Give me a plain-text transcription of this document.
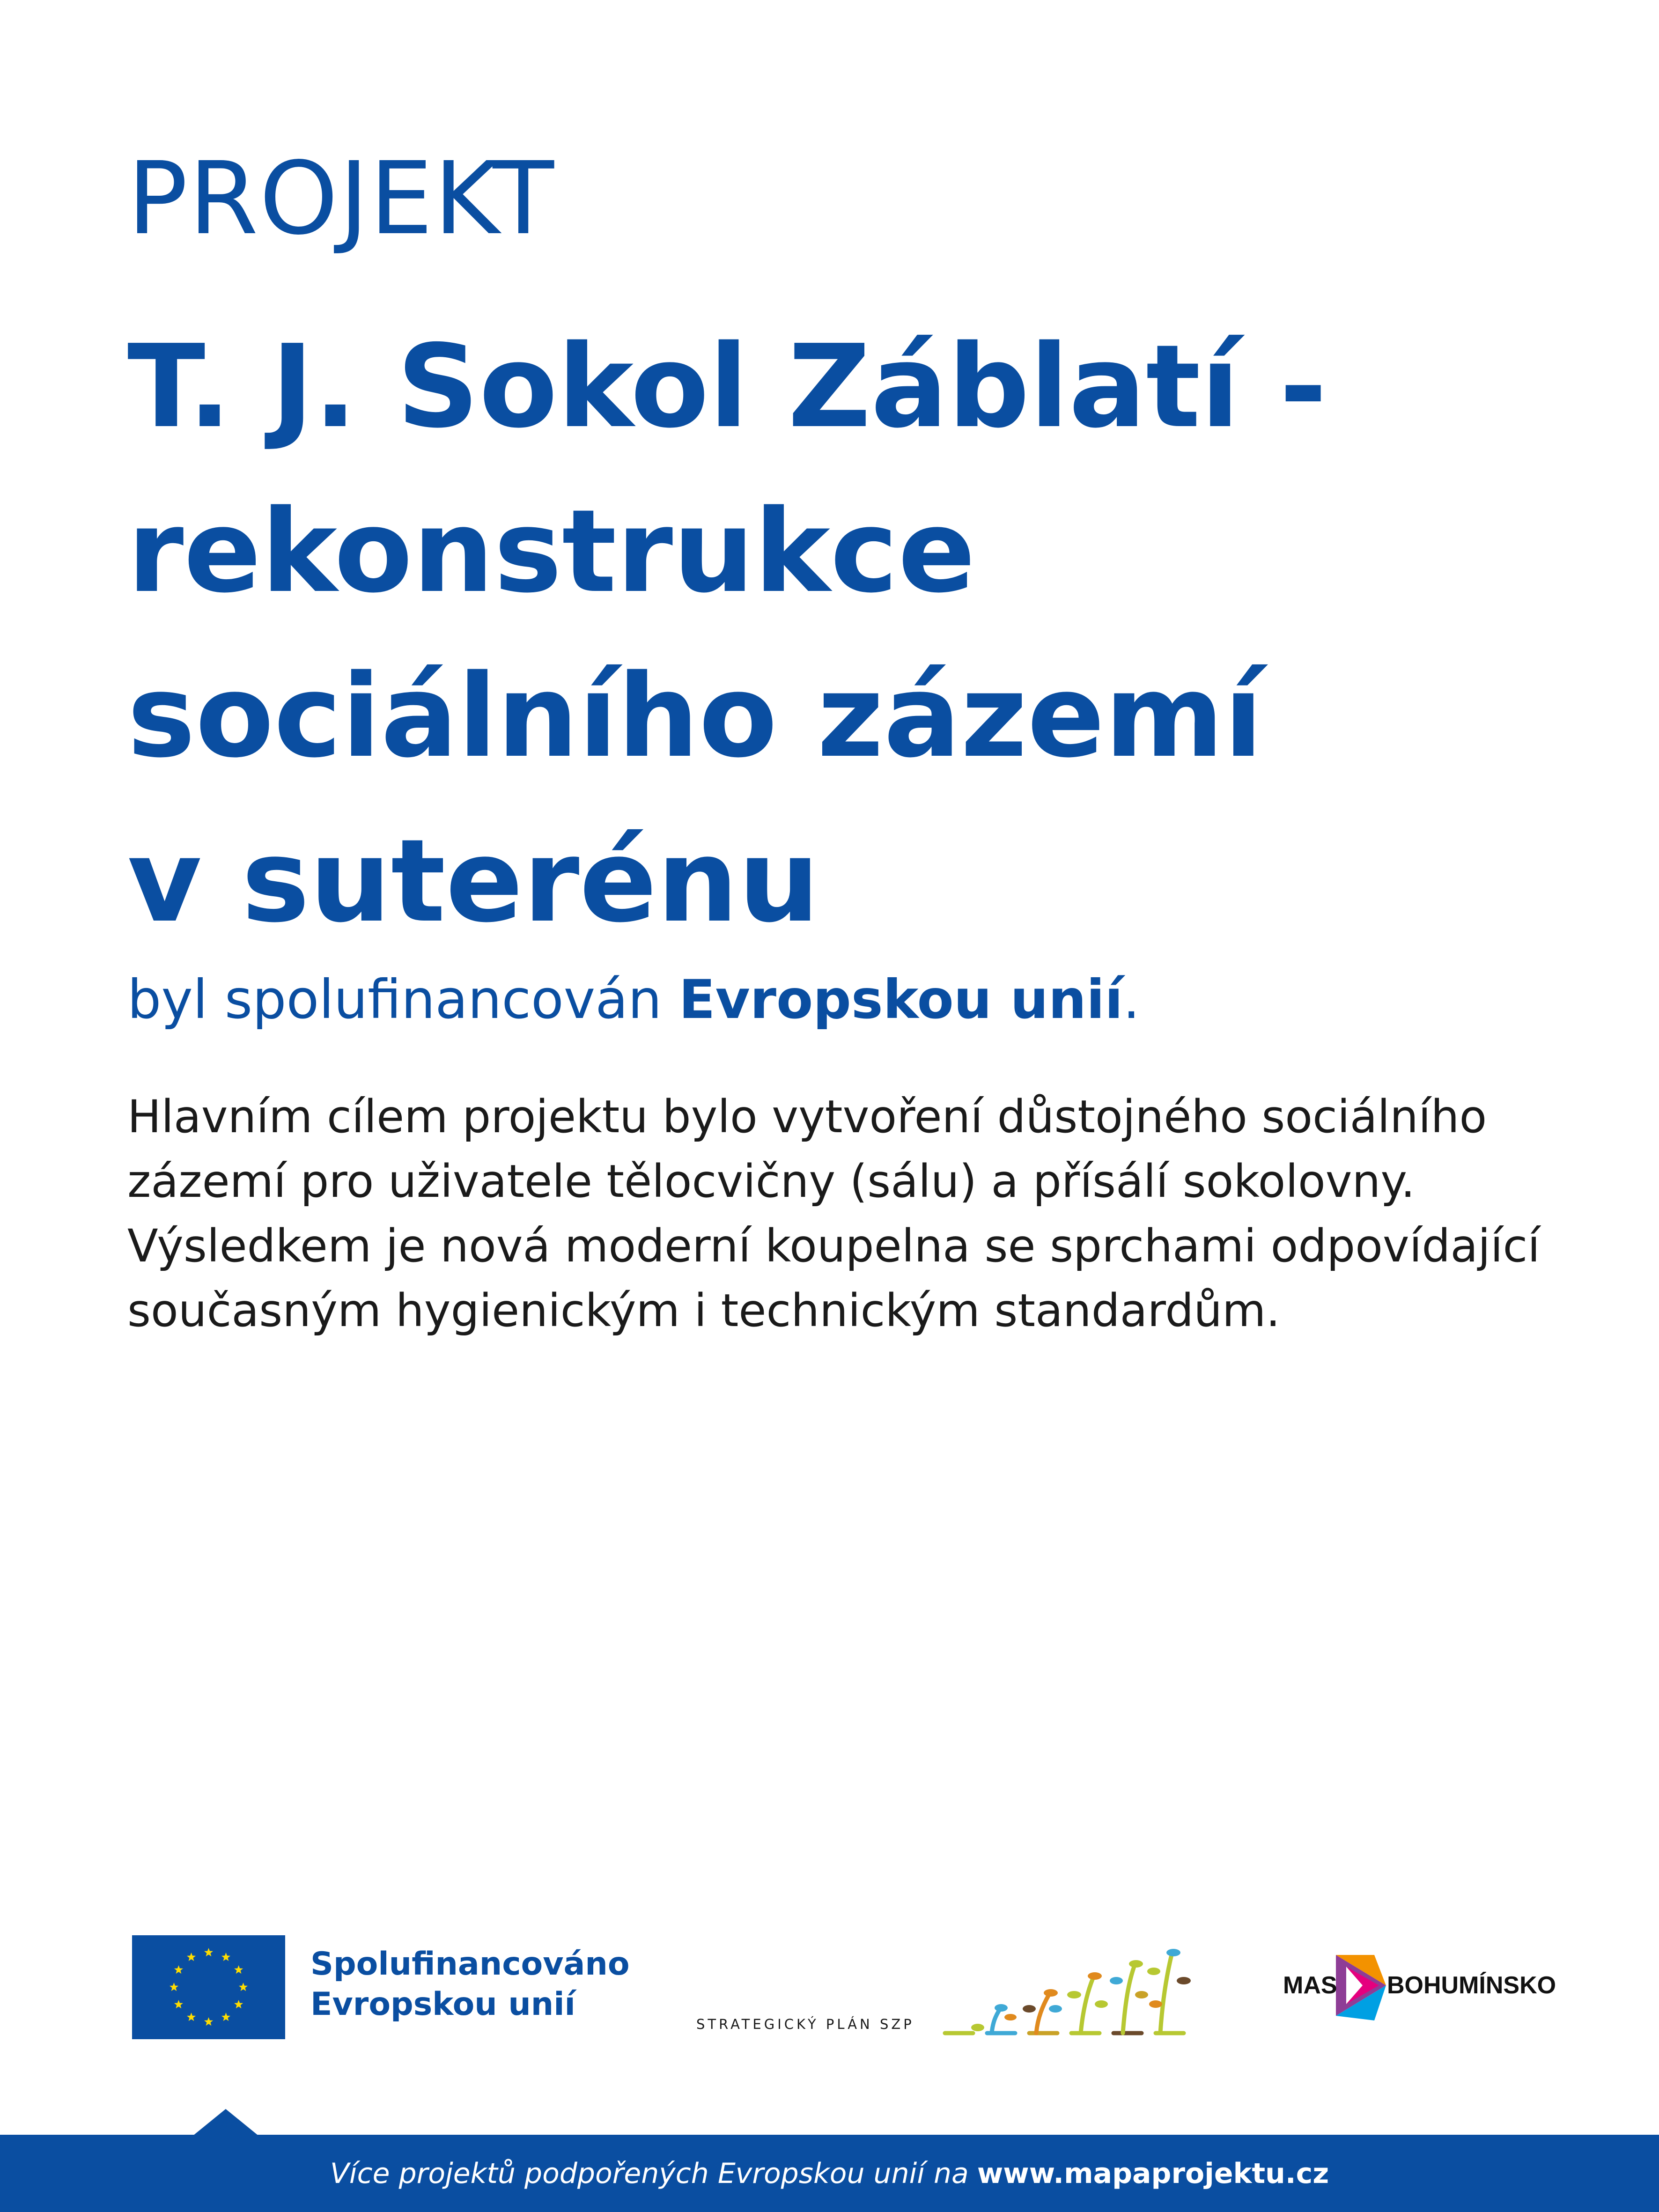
PROJEKT
T. J. Sokol Záblatí -
rekonstrukce
sociálního zázemí
v suterénu
byl spolufinancován Evropskou unií.
Hlavním cílem projektu bylo vytvoření důstojného sociálního
zázemí pro uživatele tělocvičny (sálu) a přísálí sokolovny.
Výsledkem je nová moderní koupelna se sprchami odpovídající
současným hygienickým i technickým standardům.
Spolufinancováno
Evropskou unií
STRATEGICKÝ PLÁN SZP
MAS BOHUMÍNSKO
Více projektů podpořených Evropskou unií na www.mapaprojektu.cz
